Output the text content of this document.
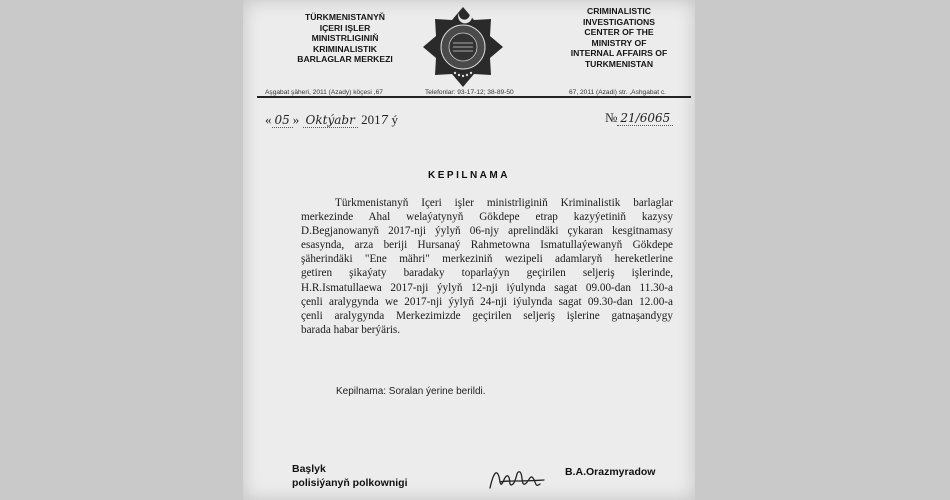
TÜRKMENISTANYŇ
IÇERI IŞLER
MINISTRLIGINIŇ
KRIMINALISTIK
BARLAGLAR MERKEZI
CRIMINALISTIC
INVESTIGATIONS
CENTER OF THE
MINISTRY OF
INTERNAL AFFAIRS OF
TURKMENISTAN
Aşgabat şäheri, 2011 (Azady) köçesi ,67	Telefonlar: 93-17-12; 38-89-50	67, 2011 (Azadi) str. ,Ashgabat c.
« 05 » Oktýabr 2017 ý	№ 21/6065
KEPILNAMA
Türkmenistanyň Içeri işler ministrliginiň Kriminalistik barlaglar
merkezinde Ahal welaýatynyň Gökdepe etrap kazyýetiniň kazysy
D.Begjanowanyň 2017-nji ýylyň 06-njy aprelindäki çykaran kesgitnamasy
esasynda, arza beriji Hursanaý Rahmetowna Ismatullaýewanyň Gökdepe
şäherindäki "Ene mähri" merkeziniň wezipeli adamlaryň hereketlerine
getiren şikaýaty baradaky toparlaýyn geçirilen seljeriş işlerinde,
H.R.Ismatullaewa 2017-nji ýylyň 12-nji iýulynda sagat 09.00-dan 11.30-a
çenli aralygynda we 2017-nji ýylyň 24-nji iýulynda sagat 09.30-dan 12.00-a
çenli aralygynda Merkezimizde geçirilen seljeriş işlerine gatnaşandygy
barada habar berýäris.
Kepilnama: Soralan ýerine berildi.
Başlyk
polisiýanyň polkownigi
B.A.Orazmyradow
